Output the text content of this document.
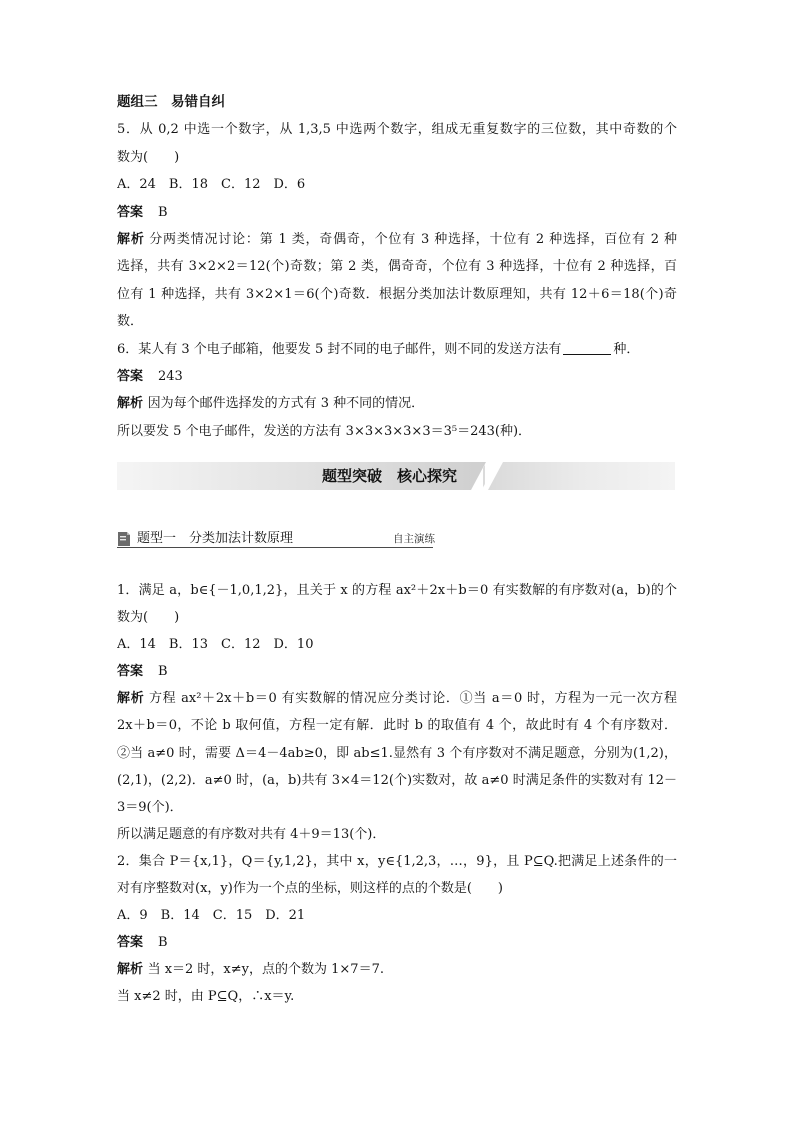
题组三　易错自纠
5．从 0,2 中选一个数字，从 1,3,5 中选两个数字，组成无重复数字的三位数，其中奇数的个
数为(　　)
A．24　B．18　C．12　D．6
答案 B
解析 分两类情况讨论：第 1 类，奇偶奇，个位有 3 种选择，十位有 2 种选择，百位有 2 种
选择，共有 3×2×2＝12(个)奇数；第 2 类，偶奇奇，个位有 3 种选择，十位有 2 种选择，百
位有 1 种选择，共有 3×2×1＝6(个)奇数．根据分类加法计数原理知，共有 12＋6＝18(个)奇
数．
6．某人有 3 个电子邮箱，他要发 5 封不同的电子邮件，则不同的发送方法有	种．
答案 243
解析 因为每个邮件选择发的方式有 3 种不同的情况．
所以要发 5 个电子邮件，发送的方法有 3×3×3×3×3＝3⁵＝243(种)．
题型突破　核心探究
题型一　分类加法计数原理	自主演练
1．满足 a，b∈{－1,0,1,2}，且关于 x 的方程 ax²＋2x＋b＝0 有实数解的有序数对(a，b)的个
数为(　　)
A．14　B．13　C．12　D．10
答案 B
解析 方程 ax²＋2x＋b＝0 有实数解的情况应分类讨论．①当 a＝0 时，方程为一元一次方程
2x＋b＝0，不论 b 取何值，方程一定有解．此时 b 的取值有 4 个，故此时有 4 个有序数对．
②当 a≠0 时，需要 Δ＝4－4ab≥0，即 ab≤1.显然有 3 个有序数对不满足题意，分别为(1,2)，
(2,1)，(2,2)．a≠0 时，(a，b)共有 3×4＝12(个)实数对，故 a≠0 时满足条件的实数对有 12－
3＝9(个)．
所以满足题意的有序数对共有 4＋9＝13(个)．
2．集合 P＝{x,1}，Q＝{y,1,2}，其中 x，y∈{1,2,3，…，9}，且 P⊆Q.把满足上述条件的一
对有序整数对(x，y)作为一个点的坐标，则这样的点的个数是(　　)
A．9　B．14　C．15　D．21
答案 B
解析 当 x＝2 时，x≠y，点的个数为 1×7＝7.
当 x≠2 时，由 P⊆Q，∴x＝y.
